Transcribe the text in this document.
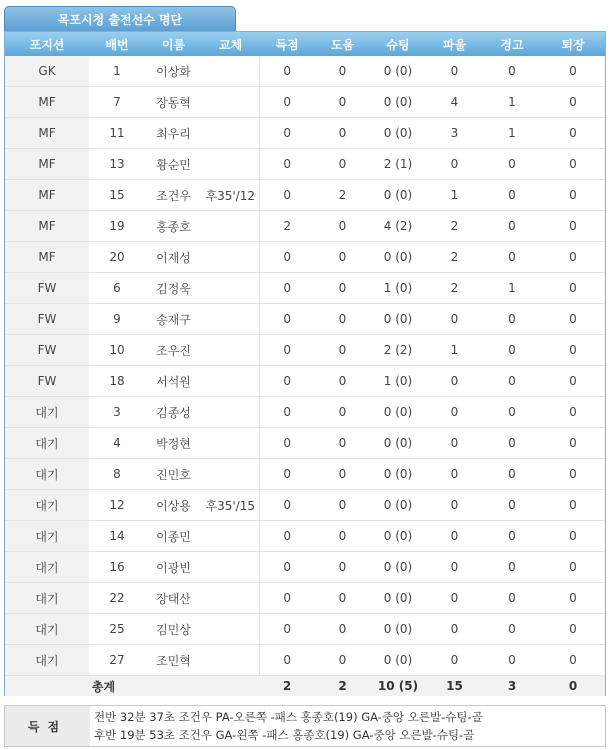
목포시청 출전선수 명단
포지션	배번	이름	교체	득점	도움	슈팅	파울	경고	퇴장
GK	1	이상화		0	0	0 (0)	0	0	0
MF	7	장동혁		0	0	0 (0)	4	1	0
MF	11	최우리		0	0	0 (0)	3	1	0
MF	13	황순민		0	0	2 (1)	0	0	0
MF	15	조건우	후35'/12	0	2	0 (0)	1	0	0
MF	19	홍종호		2	0	4 (2)	2	0	0
MF	20	이재성		0	0	0 (0)	2	0	0
FW	6	김정욱		0	0	1 (0)	2	1	0
FW	9	송재구		0	0	0 (0)	0	0	0
FW	10	조우진		0	0	2 (2)	1	0	0
FW	18	서석원		0	0	1 (0)	0	0	0
대기	3	김종성		0	0	0 (0)	0	0	0
대기	4	박정현		0	0	0 (0)	0	0	0
대기	8	진민호		0	0	0 (0)	0	0	0
대기	12	이상용	후35'/15	0	0	0 (0)	0	0	0
대기	14	이종민		0	0	0 (0)	0	0	0
대기	16	이광빈		0	0	0 (0)	0	0	0
대기	22	장태산		0	0	0 (0)	0	0	0
대기	25	김민상		0	0	0 (0)	0	0	0
대기	27	조민혁		0	0	0 (0)	0	0	0
총계				2	2	10 (5)	15	3	0
득점
전반 32분 37초 조건우 PA-오른쪽 -패스 홍종호(19) GA-중앙 오른발-슈팅-골
후반 19분 53초 조건우 GA-왼쪽 -패스 홍종호(19) GA-중앙 오른발-슈팅-골
